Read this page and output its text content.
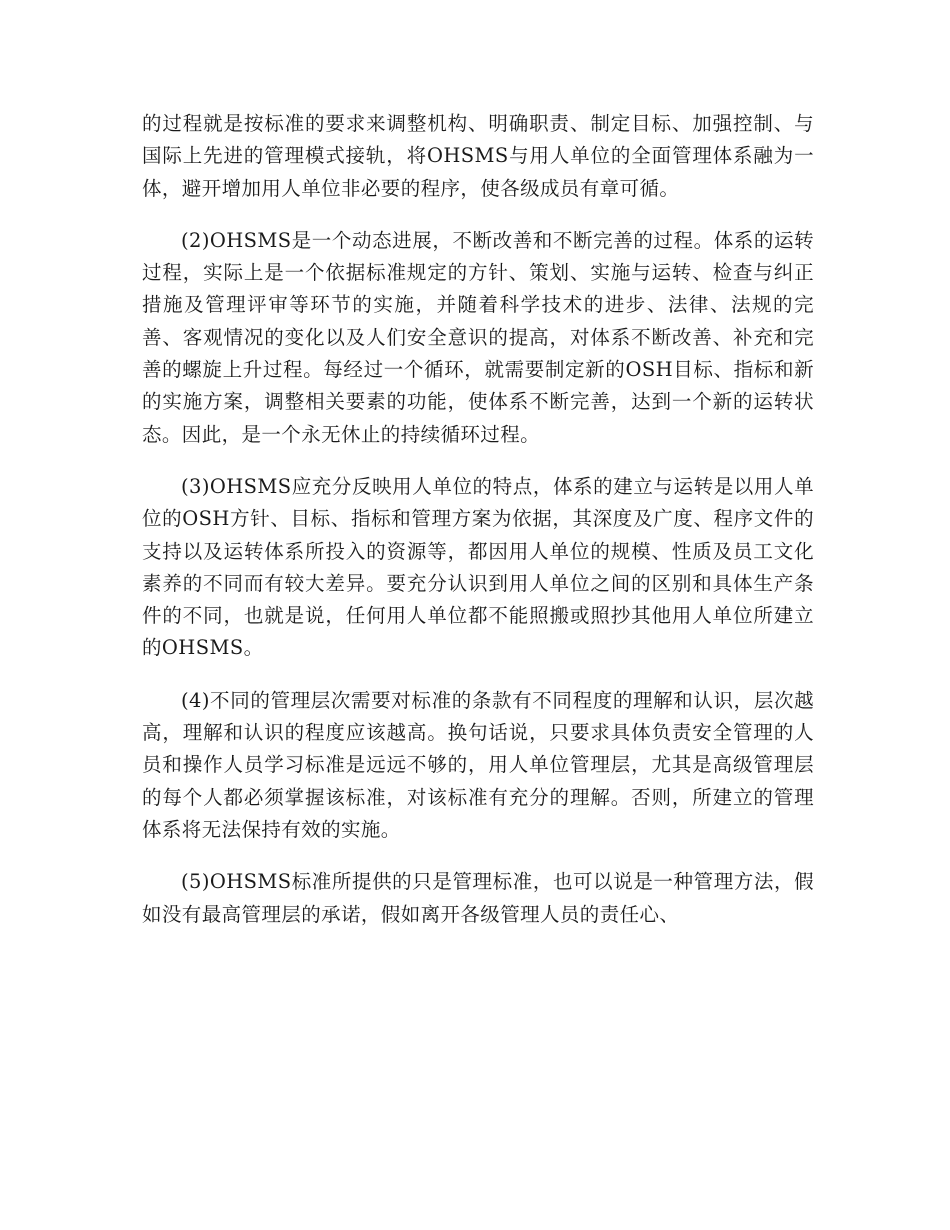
的过程就是按标准的要求来调整机构、明确职责、制定目标、加强控制、与国际上先进的管理模式接轨，将OHSMS与用人单位的全面管理体系融为一体，避开增加用人单位非必要的程序，使各级成员有章可循。

(2)OHSMS是一个动态进展，不断改善和不断完善的过程。体系的运转过程，实际上是一个依据标准规定的方针、策划、实施与运转、检查与纠正措施及管理评审等环节的实施，并随着科学技术的进步、法律、法规的完善、客观情况的变化以及人们安全意识的提高，对体系不断改善、补充和完善的螺旋上升过程。每经过一个循环，就需要制定新的OSH目标、指标和新的实施方案，调整相关要素的功能，使体系不断完善，达到一个新的运转状态。因此，是一个永无休止的持续循环过程。

(3)OHSMS应充分反映用人单位的特点，体系的建立与运转是以用人单位的OSH方针、目标、指标和管理方案为依据，其深度及广度、程序文件的支持以及运转体系所投入的资源等，都因用人单位的规模、性质及员工文化素养的不同而有较大差异。要充分认识到用人单位之间的区别和具体生产条件的不同，也就是说，任何用人单位都不能照搬或照抄其他用人单位所建立的OHSMS。

(4)不同的管理层次需要对标准的条款有不同程度的理解和认识，层次越高，理解和认识的程度应该越高。换句话说，只要求具体负责安全管理的人员和操作人员学习标准是远远不够的，用人单位管理层，尤其是高级管理层的每个人都必须掌握该标准，对该标准有充分的理解。否则，所建立的管理体系将无法保持有效的实施。

(5)OHSMS标准所提供的只是管理标准，也可以说是一种管理方法，假如没有最高管理层的承诺，假如离开各级管理人员的责任心、
